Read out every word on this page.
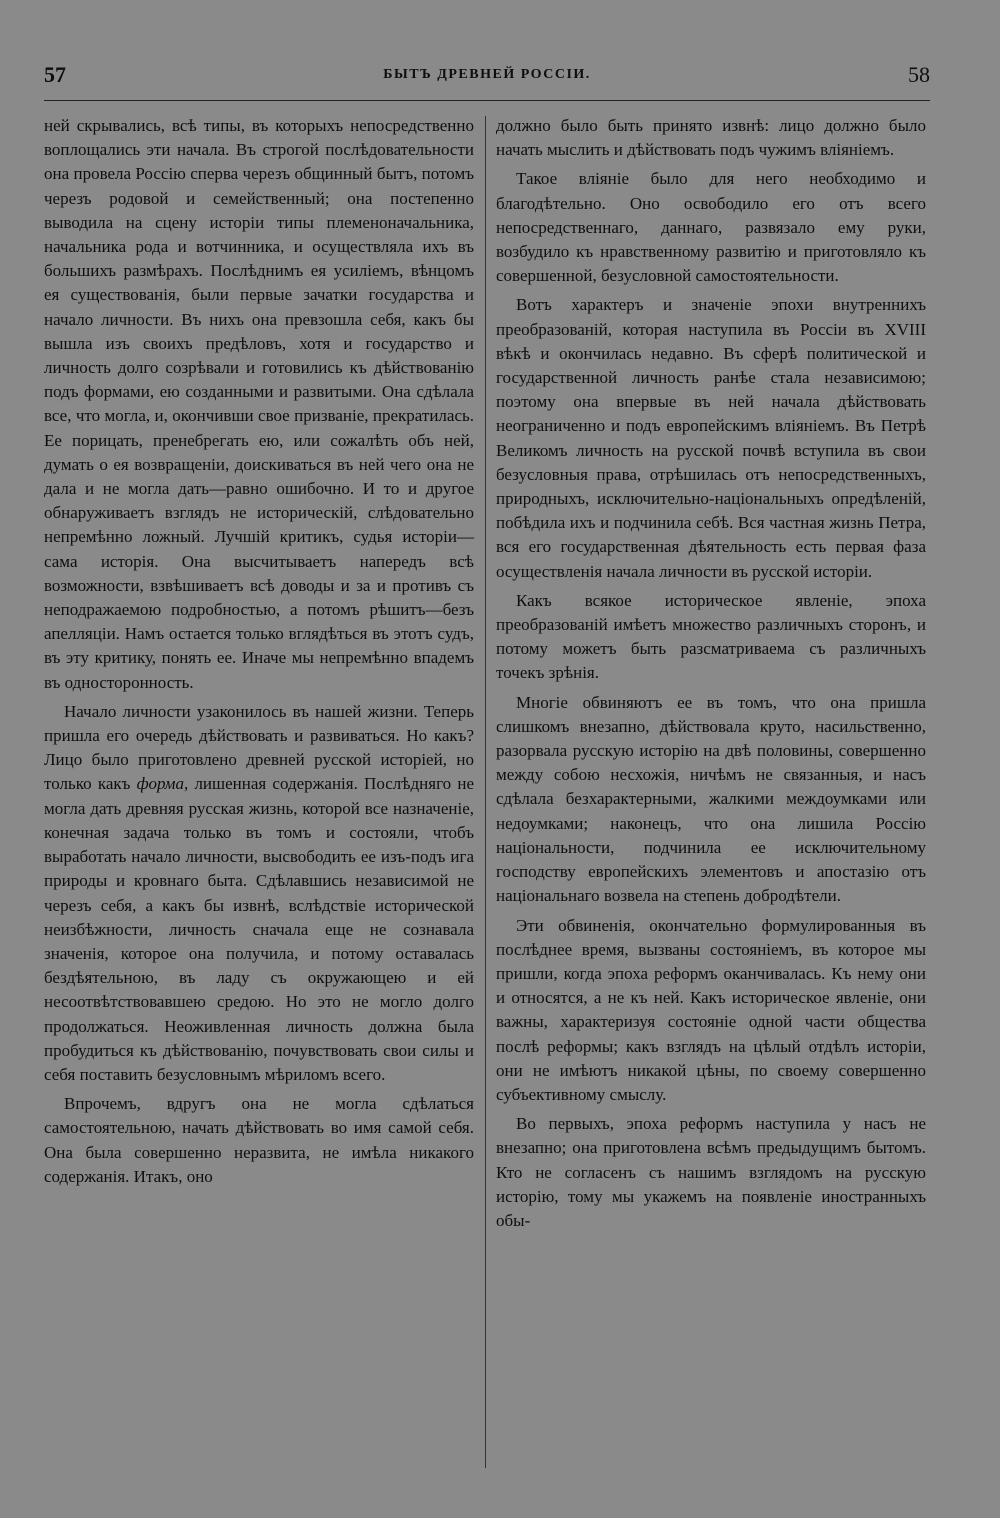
57	БЫТЪ ДРЕВНЕЙ РОССІИ.	58

ней скрывались, всѣ типы, въ которыхъ непосредственно воплощались эти начала. Въ строгой послѣдовательности она провела Россію сперва черезъ общинный бытъ, потомъ черезъ родовой и семейственный; она постепенно выводила на сцену исторіи типы племеноначальника, начальника рода и вотчинника, и осуществляла ихъ въ большихъ размѣрахъ. Послѣднимъ ея усиліемъ, вѣнцомъ ея существованія, были первые зачатки государства и начало личности. Въ нихъ она превзошла себя, какъ бы вышла изъ своихъ предѣловъ, хотя и государство и личность долго созрѣвали и готовились къ дѣйствованію подъ формами, ею созданными и развитыми. Она сдѣлала все, что могла, и, окончивши свое призваніе, прекратилась. Ее порицать, пренебрегать ею, или сожалѣть объ ней, думать о ея возвращеніи, доискиваться въ ней чего она не дала и не могла дать—равно ошибочно. И то и другое обнаруживаетъ взглядъ не историческій, слѣдовательно непремѣнно ложный. Лучшій критикъ, судья исторіи—сама исторія. Она высчитываетъ напередъ всѣ возможности, взвѣшиваетъ всѣ доводы и за и противъ съ неподражаемою подробностью, а потомъ рѣшитъ—безъ апелляціи. Намъ остается только вглядѣться въ этотъ судъ, въ эту критику, понять ее. Иначе мы непремѣнно впадемъ въ односторонность.

Начало личности узаконилось въ нашей жизни. Теперь пришла его очередь дѣйствовать и развиваться. Но какъ? Лицо было приготовлено древней русской исторіей, но только какъ форма, лишенная содержанія. Послѣдняго не могла дать древняя русская жизнь, которой все назначеніе, конечная задача только въ томъ и состояли, чтобъ выработать начало личности, высвободить ее изъ-подъ ига природы и кровнаго быта. Сдѣлавшись независимой не черезъ себя, а какъ бы извнѣ, вслѣдствіе исторической неизбѣжности, личность сначала еще не сознавала значенія, которое она получила, и потому оставалась бездѣятельною, въ ладу съ окружающею и ей несоотвѣтствовавшею средою. Но это не могло долго продолжаться. Неоживленная личность должна была пробудиться къ дѣйствованію, почувствовать свои силы и себя поставить безусловнымъ мѣриломъ всего.

Впрочемъ, вдругъ она не могла сдѣлаться самостоятельною, начать дѣйствовать во имя самой себя. Она была совершенно неразвита, не имѣла никакого содержанія. Итакъ, оно

должно было быть принято извнѣ: лицо должно было начать мыслить и дѣйствовать подъ чужимъ вліяніемъ.

Такое вліяніе было для него необходимо и благодѣтельно. Оно освободило его отъ всего непосредственнаго, даннаго, развязало ему руки, возбудило къ нравственному развитію и приготовляло къ совершенной, безусловной самостоятельности.

Вотъ характеръ и значеніе эпохи внутреннихъ преобразованій, которая наступила въ Россіи въ XVIII вѣкѣ и окончилась недавно. Въ сферѣ политической и государственной личность ранѣе стала независимою; поэтому она впервые въ ней начала дѣйствовать неограниченно и подъ европейскимъ вліяніемъ. Въ Петрѣ Великомъ личность на русской почвѣ вступила въ свои безусловныя права, отрѣшилась отъ непосредственныхъ, природныхъ, исключительно-національныхъ опредѣленій, побѣдила ихъ и подчинила себѣ. Вся частная жизнь Петра, вся его государственная дѣятельность есть первая фаза осуществленія начала личности въ русской исторіи.

Какъ всякое историческое явленіе, эпоха преобразованій имѣетъ множество различныхъ сторонъ, и потому можетъ быть разсматриваема съ различныхъ точекъ зрѣнія.

Многіе обвиняютъ ее въ томъ, что она пришла слишкомъ внезапно, дѣйствовала круто, насильственно, разорвала русскую исторію на двѣ половины, совершенно между собою несхожія, ничѣмъ не связанныя, и насъ сдѣлала безхарактерными, жалкими междоумками или недоумками; наконецъ, что она лишила Россію національности, подчинила ее исключительному господству европейскихъ элементовъ и апостазію отъ національнаго возвела на степень добродѣтели.

Эти обвиненія, окончательно формулированныя въ послѣднее время, вызваны состояніемъ, въ которое мы пришли, когда эпоха реформъ оканчивалась. Къ нему они и относятся, а не къ ней. Какъ историческое явленіе, они важны, характеризуя состояніе одной части общества послѣ реформы; какъ взглядъ на цѣлый отдѣлъ исторіи, они не имѣютъ никакой цѣны, по своему совершенно субъективному смыслу.

Во первыхъ, эпоха реформъ наступила у насъ не внезапно; она приготовлена всѣмъ предыдущимъ бытомъ. Кто не согласенъ съ нашимъ взглядомъ на русскую исторію, тому мы укажемъ на появленіе иностранныхъ обы-
